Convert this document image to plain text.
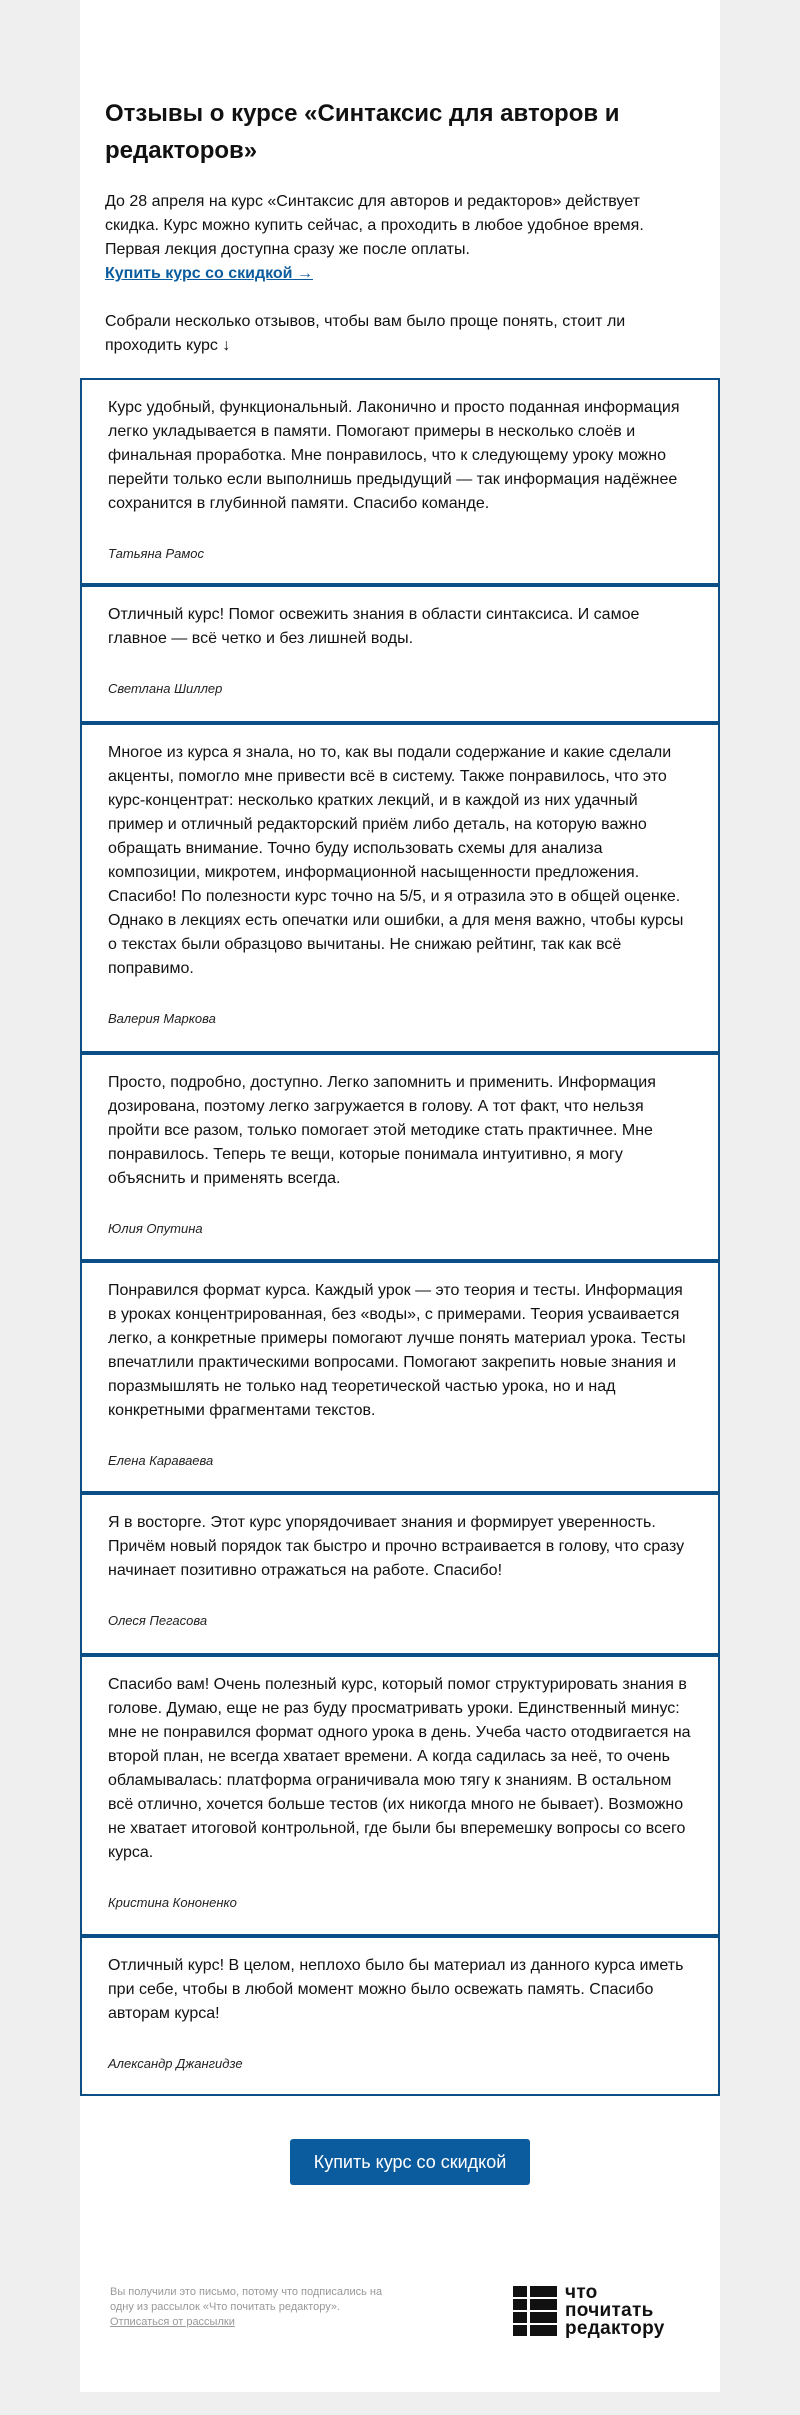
Отзывы о курсе «Синтаксис для авторов и редакторов»
До 28 апреля на курс «Синтаксис для авторов и редакторов» действует скидка. Курс можно купить сейчас, а проходить в любое удобное время. Первая лекция доступна сразу же после оплаты.
Купить курс со скидкой →
Собрали несколько отзывов, чтобы вам было проще понять, стоит ли проходить курс ↓

Курс удобный, функциональный. Лаконично и просто поданная информация легко укладывается в памяти. Помогают примеры в несколько слоёв и финальная проработка. Мне понравилось, что к следующему уроку можно перейти только если выполнишь предыдущий — так информация надёжнее сохранится в глубинной памяти. Спасибо команде.

Татьяна Рамос

Отличный курс! Помог освежить знания в области синтаксиса. И самое главное — всё четко и без лишней воды.

Светлана Шиллер

Многое из курса я знала, но то, как вы подали содержание и какие сделали акценты, помогло мне привести всё в систему. Также понравилось, что это курс-концентрат: несколько кратких лекций, и в каждой из них удачный пример и отличный редакторский приём либо деталь, на которую важно обращать внимание. Точно буду использовать схемы для анализа композиции, микротем, информационной насыщенности предложения. Спасибо! По полезности курс точно на 5/5, и я отразила это в общей оценке. Однако в лекциях есть опечатки или ошибки, а для меня важно, чтобы курсы о текстах были образцово вычитаны. Не снижаю рейтинг, так как всё поправимо.

Валерия Маркова

Просто, подробно, доступно. Легко запомнить и применить. Информация дозирована, поэтому легко загружается в голову. А тот факт, что нельзя пройти все разом, только помогает этой методике стать практичнее. Мне понравилось. Теперь те вещи, которые понимала интуитивно, я могу объяснить и применять всегда.

Юлия Опутина

Понравился формат курса. Каждый урок — это теория и тесты. Информация в уроках концентрированная, без «воды», с примерами. Теория усваивается легко, а конкретные примеры помогают лучше понять материал урока. Тесты впечатлили практическими вопросами. Помогают закрепить новые знания и поразмышлять не только над теоретической частью урока, но и над конкретными фрагментами текстов.

Елена Караваева

Я в восторге. Этот курс упорядочивает знания и формирует уверенность. Причём новый порядок так быстро и прочно встраивается в голову, что сразу начинает позитивно отражаться на работе. Спасибо!

Олеся Пегасова

Спасибо вам! Очень полезный курс, который помог структурировать знания в голове. Думаю, еще не раз буду просматривать уроки. Единственный минус: мне не понравился формат одного урока в день. Учеба часто отодвигается на второй план, не всегда хватает времени. А когда садилась за неё, то очень обламывалась: платформа ограничивала мою тягу к знаниям. В остальном всё отлично, хочется больше тестов (их никогда много не бывает). Возможно не хватает итоговой контрольной, где были бы вперемешку вопросы со всего курса.

Кристина Кононенко

Отличный курс! В целом, неплохо было бы материал из данного курса иметь при себе, чтобы в любой момент можно было освежать память. Спасибо авторам курса!

Александр Джангидзе
Купить курс со скидкой
Вы получили это письмо, потому что подписались на одну из рассылок «Что почитать редактору».
Отписаться от рассылки
что
почитать
редактору
